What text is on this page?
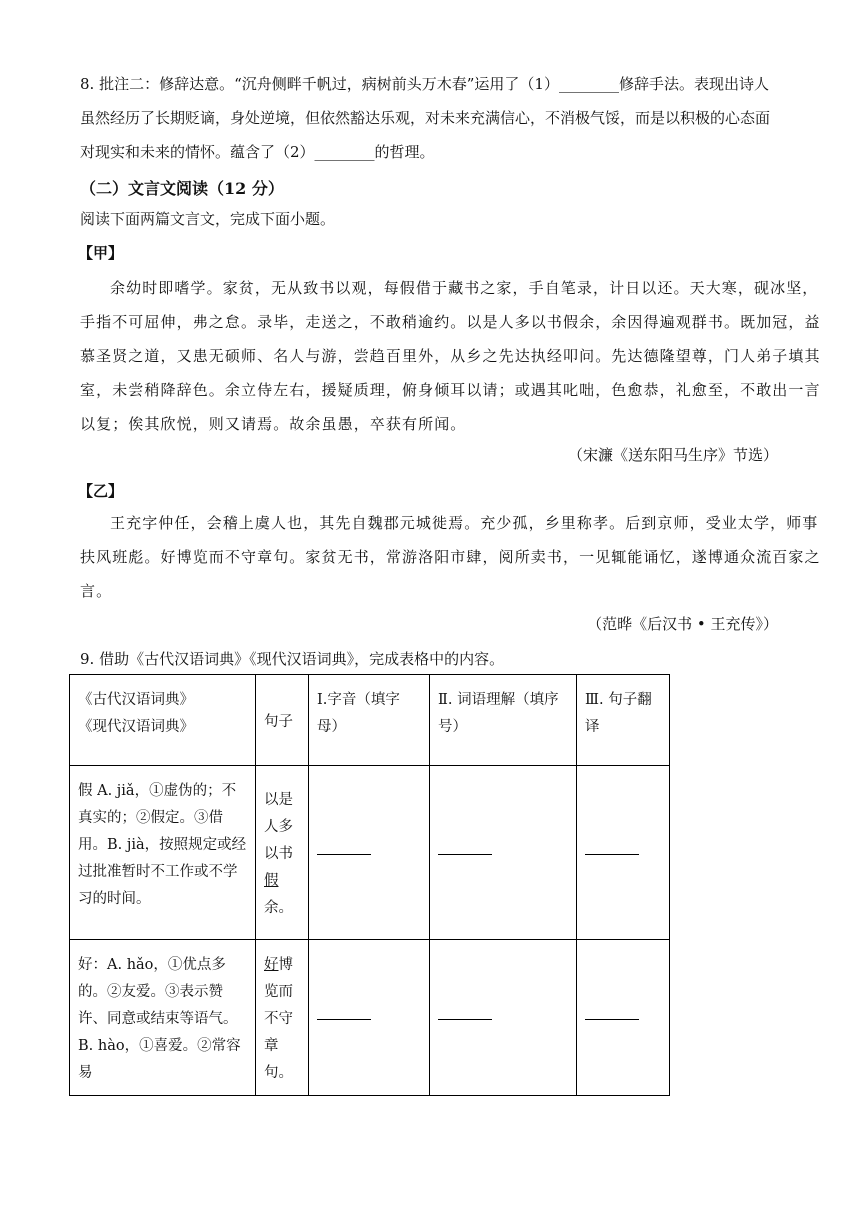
8. 批注二：修辞达意。“沉舟侧畔千帆过，病树前头万木春”运用了（1）________修辞手法。表现出诗人
虽然经历了长期贬谪，身处逆境，但依然豁达乐观，对未来充满信心，不消极气馁，而是以积极的心态面
对现实和未来的情怀。蕴含了（2）________的哲理。
（二）文言文阅读（12 分）
阅读下面两篇文言文，完成下面小题。
【甲】
余幼时即嗜学。家贫，无从致书以观，每假借于藏书之家，手自笔录，计日以还。天大寒，砚冰坚，
手指不可屈伸，弗之怠。录毕，走送之，不敢稍逾约。以是人多以书假余，余因得遍观群书。既加冠，益
慕圣贤之道，又患无硕师、名人与游，尝趋百里外，从乡之先达执经叩问。先达德隆望尊，门人弟子填其
室，未尝稍降辞色。余立侍左右，援疑质理，俯身倾耳以请；或遇其叱咄，色愈恭，礼愈至，不敢出一言
以复；俟其欣悦，则又请焉。故余虽愚，卒获有所闻。
（宋濂《送东阳马生序》节选）
【乙】
王充字仲任，会稽上虞人也，其先自魏郡元城徙焉。充少孤，乡里称孝。后到京师，受业太学，师事
扶风班彪。好博览而不守章句。家贫无书，常游洛阳市肆，阅所卖书，一见辄能诵忆，遂博通众流百家之
言。
（范晔《后汉书 • 王充传》）
9. 借助《古代汉语词典》《现代汉语词典》，完成表格中的内容。
《古代汉语词典》
《现代汉语词典》	句子	Ⅰ.字音（填字母）	Ⅱ. 词语理解（填序号）	Ⅲ. 句子翻译
假 A. jiǎ，①虚伪的；不真实的；②假定。③借用。B. jià，按照规定或经过批准暂时不工作或不学习的时间。	以是人多以书假余。			
好：A. hǎo，①优点多的。②友爱。③表示赞许、同意或结束等语气。B. hào，①喜爱。②常容易	好博览而不守章句。			
